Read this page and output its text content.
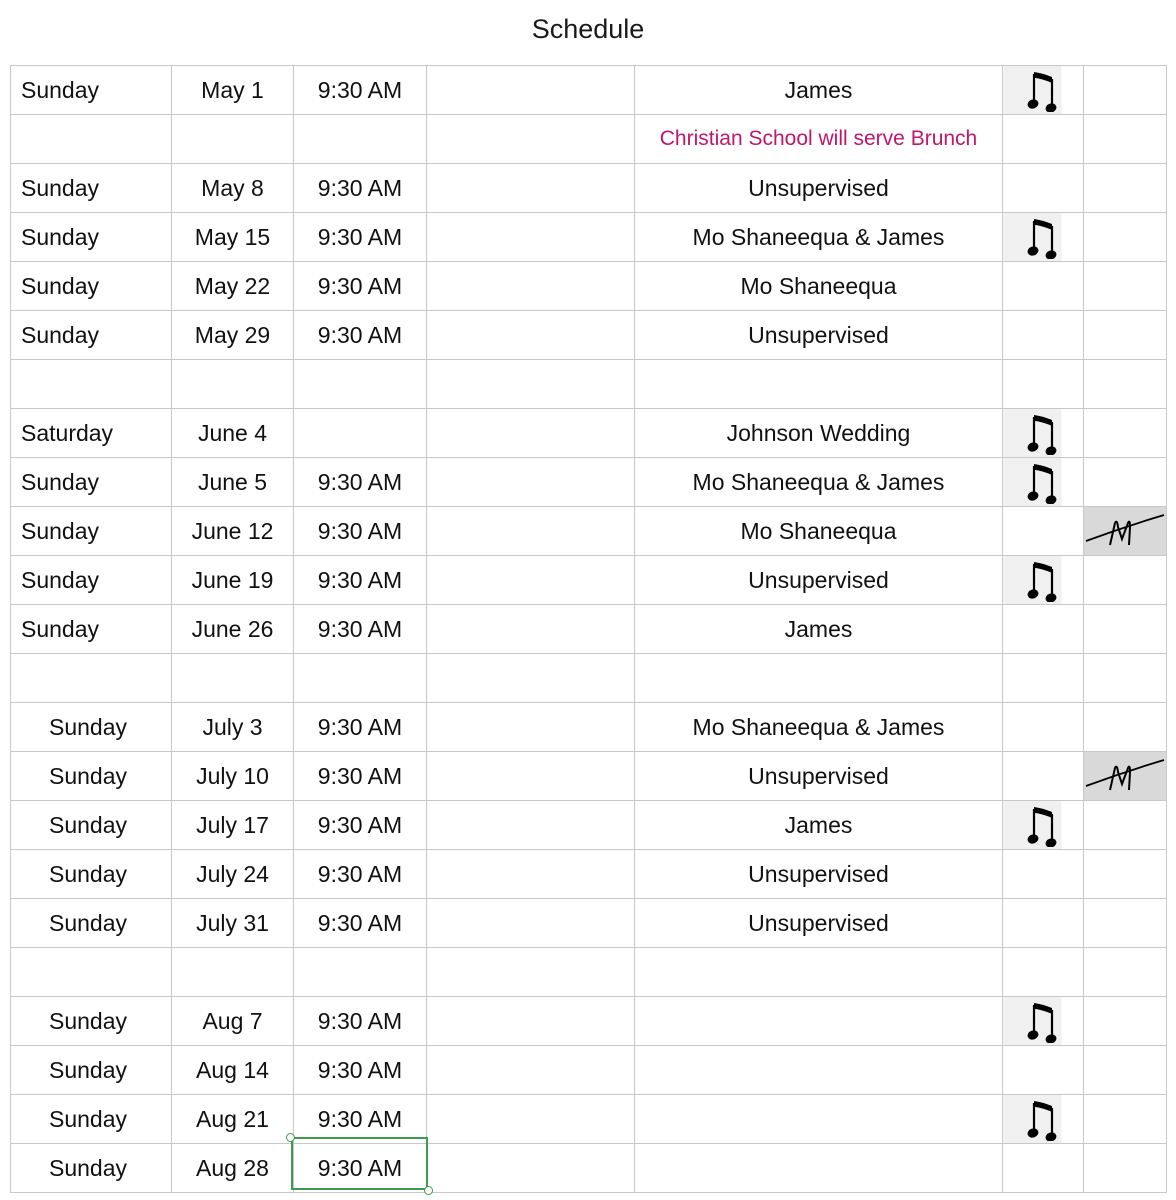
Schedule
Sunday	May 1	9:30 AM		James	

				Christian School will serve Brunch		
Sunday	May 8	9:30 AM		Unsupervised		
Sunday	May 15	9:30 AM		Mo Shaneequa & James	

Sunday	May 22	9:30 AM		Mo Shaneequa		
Sunday	May 29	9:30 AM		Unsupervised		

Saturday	June 4			Johnson Wedding	

Sunday	June 5	9:30 AM		Mo Shaneequa & James	

Sunday	June 12	9:30 AM		Mo Shaneequa		M

Sunday	June 19	9:30 AM		Unsupervised	

Sunday	June 26	9:30 AM		James		

Sunday	July 3	9:30 AM		Mo Shaneequa & James		
Sunday	July 10	9:30 AM		Unsupervised		M

Sunday	July 17	9:30 AM		James	

Sunday	July 24	9:30 AM		Unsupervised		
Sunday	July 31	9:30 AM		Unsupervised		

Sunday	Aug 7	9:30 AM			

Sunday	Aug 14	9:30 AM				
Sunday	Aug 21	9:30 AM			

Sunday	Aug 28	9:30 AM				
